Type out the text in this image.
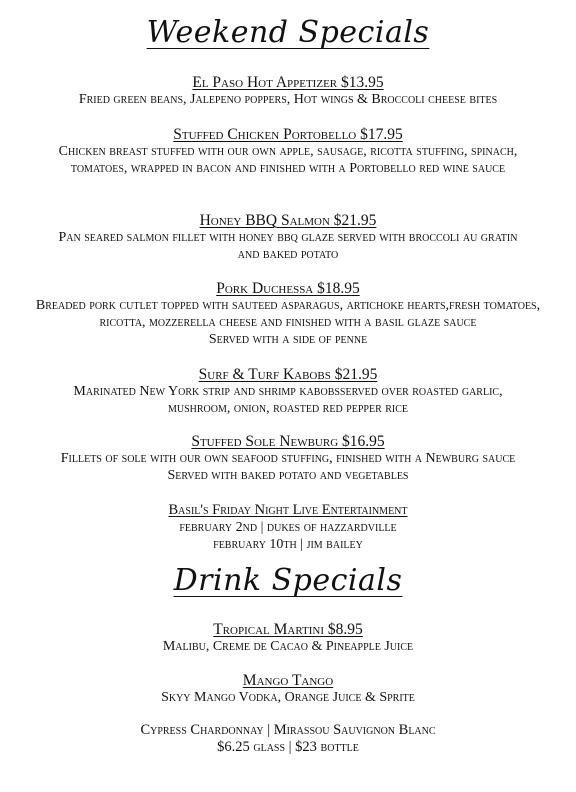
Weekend Specials
El Paso Hot Appetizer $13.95
Fried green beans, Jalepeno poppers, Hot wings & Broccoli cheese bites
Stuffed Chicken Portobello $17.95
Chicken breast stuffed with our own apple, sausage, ricotta stuffing, spinach, tomatoes, wrapped in bacon and finished with a Portobello red wine sauce
Honey BBQ Salmon $21.95
Pan seared salmon fillet with honey bbq glaze served with broccoli au gratin and baked potato
Pork Duchessa $18.95
Breaded pork cutlet topped with sauteed asparagus, artichoke hearts,fresh tomatoes, ricotta, mozzerella cheese and finished with a basil glaze sauce
Served with a side of penne
Surf & Turf Kabobs $21.95
Marinated New York strip and shrimp kabobsserved over roasted garlic, mushroom, onion, roasted red pepper rice
Stuffed Sole Newburg $16.95
Fillets of sole with our own seafood stuffing, finished with a Newburg sauce
Served with baked potato and vegetables
Basil's Friday Night Live Entertainment
february 2nd | dukes of hazzardville
february 10th | jim bailey
Drink Specials
Tropical Martini $8.95
Malibu, Creme de Cacao & Pineapple Juice
Mango Tango
Skyy Mango Vodka, Orange Juice & Sprite
Cypress Chardonnay | Mirassou Sauvignon Blanc
$6.25 glass | $23 bottle
